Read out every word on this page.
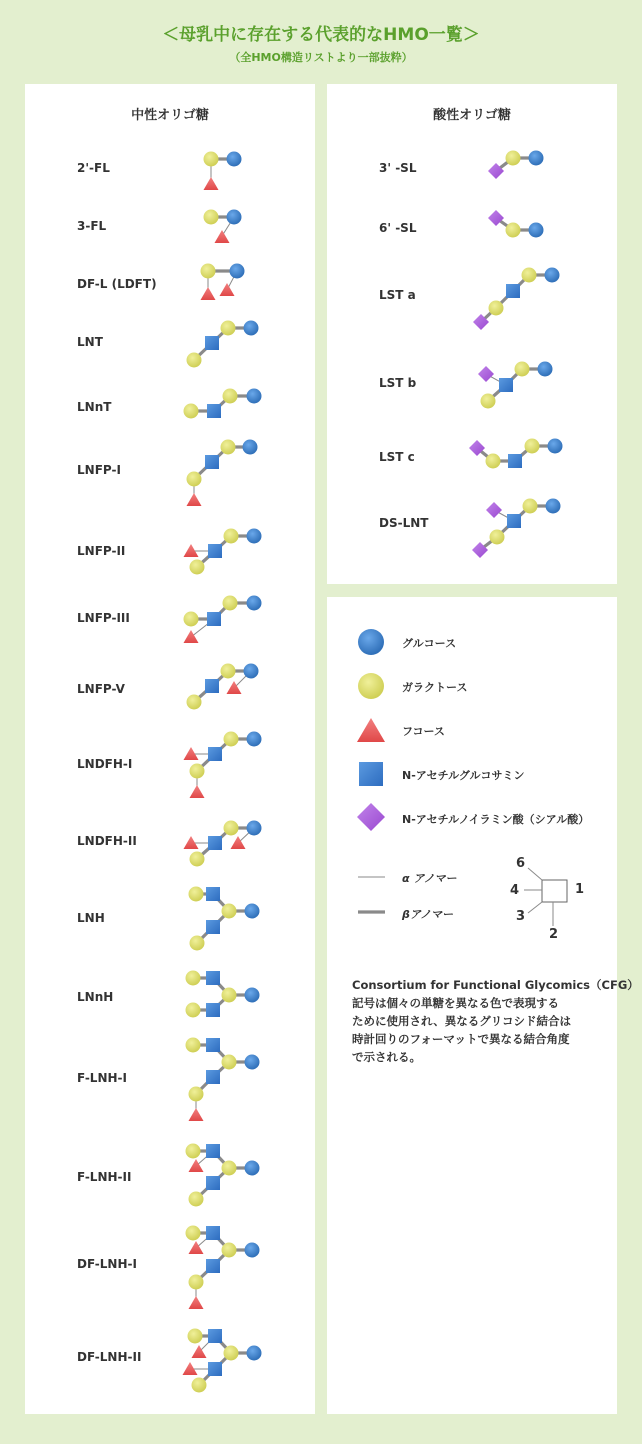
＜母乳中に存在する代表的なHMO一覧＞
（全HMO構造リストより一部抜粋）
中性オリゴ糖	酸性オリゴ糖
2'-FL
3-FL
DF-L (LDFT)
LNT
LNnT
LNFP-I
LNFP-II
LNFP-III
LNFP-V
LNDFH-I
LNDFH-II
LNH
LNnH
F-LNH-I
F-LNH-II
DF-LNH-I
DF-LNH-II
3' -SL
6' -SL
LST a
LST b
LST c
DS-LNT
グルコース
ガラクトース
フコース
N-アセチルグルコサミン
N-アセチルノイラミン酸（シアル酸）
α アノマー
βアノマー
6
4
3
2
1
Consortium for Functional Glycomics（CFG）
記号は個々の単糖を異なる色で表現する
ために使用され、異なるグリコシド結合は
時計回りのフォーマットで異なる結合角度
で示される。
